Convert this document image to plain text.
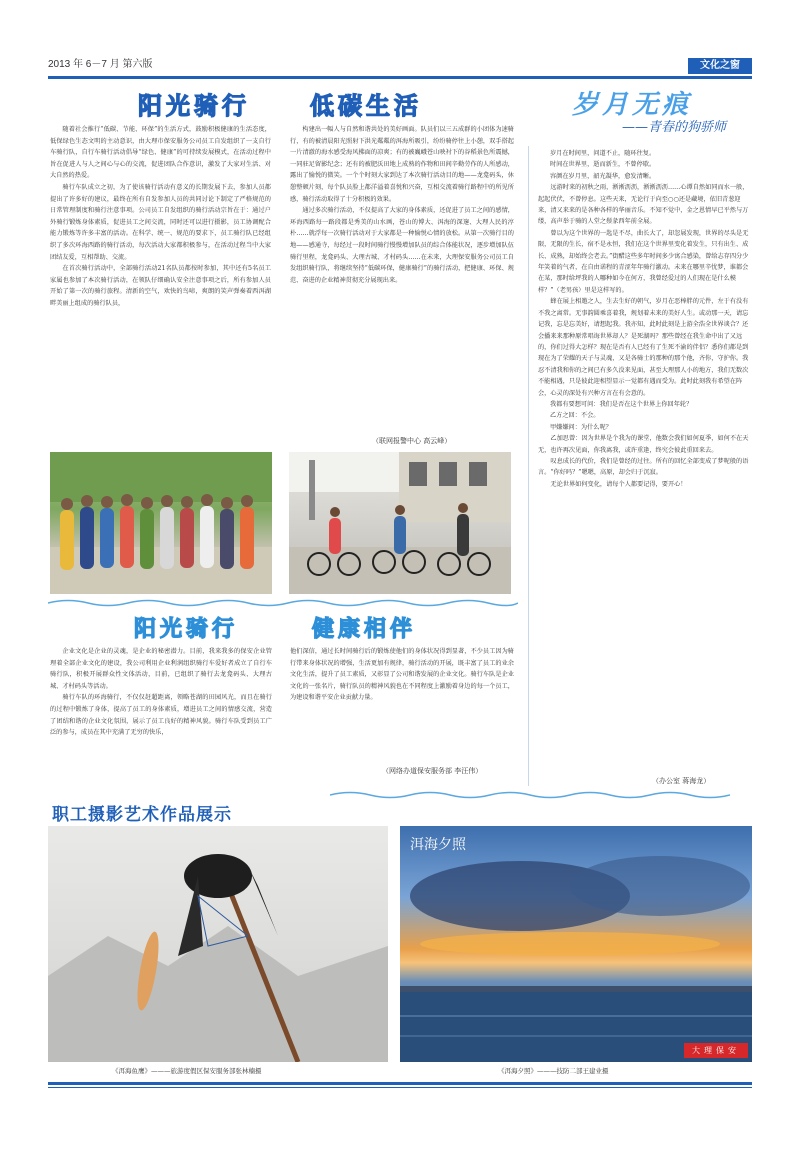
2013 年 6－7 月 第六版	文化之窗
阳光骑行	低碳生活	岁月无痕
——青春的狗骄师

随着社会推行“低碳、节能、环保”的生活方式，鼓励积极健康的生活态度，低保绿色生态文明的主动意识，由大理市保安服务公司员工自发组织了一支自行车骑行队，自行车骑行活动倡导“绿色、健康”的可持续发展模式，在活动过程中旨在促进人与人之间心与心的交流，促进团队合作意识，激发了大家对生活、对大自然的热爱。

骑行车队成立之初，为了使该骑行活动有意义的长期发展下去，参加人员都提出了许多好的建议，最终在所有自发参加人员的共同讨论下制定了严格规范的日常管理制度和骑行注意事项。公司员工自发组织的骑行活动宗旨在于：通过户外骑行锻炼身体素质，促进员工之间交流，同时还可以进行摄影，员工协调配合能力锻炼等许多丰富的活动。在科学、统一、规范的要求下，员工骑行队已经组织了多次环海西路的骑行活动，每次活动大家都积极参与，在活动过程当中大家团结友爱，互相帮助、交流。

在首次骑行活动中，全部骑行活动21名队员都按时参加，其中还有5名员工家属也参加了本次骑行活动，在领队仔细确认安全注意事项之后，所有参加人员开始了第一次的骑行旅程。清新的空气，欢快的鸟啼，爽朗的笑声弹奏着西洱湖畔美丽上组成的骑行队员，

构建出一幅人与自然和谐共处的美好画面。队员们以三五成群的小团体为速骑行，有的被清晨阳光照射下洪光粼粼的洱海所吸引，纷纷骑停往上小憩，双手搭起一片清澈的海水感受海风拂面的凉爽；有的被巍峨苍山映衬下的谷稻景色所震撼，一同驻足留影纪念；还有的被肥沃田地上成熟的作物和田间辛勤劳作的人所感动，露出了愉悦的微笑。一个个时刻大家到达了本次骑行活动目的地——龙龛码头，休憩整顿片刻，每个队员脸上都洋溢着喜悦和兴奋，互相交流着骑行路程中的所见所感，骑行活动取得了十分积极的效果。

通过多次骑行活动，不仅提高了大家的身体素质，还促进了员工之间的感情，环海西路每一路段都是秀美的山水画，苍山的博大、洱海的深邃、大理人民的淳朴……就浮每一次骑行活动对于大家都是一种愉悦心情的放松。从第一次骑行目的地——感通寺，每经过一段时间骑行慢慢增加队员的综合体能状况，逐步增加队伍骑行里程，龙龛码头、大理古城、才村码头……在未来，大理保安服务公司员工自发组织骑行队，将继续坚持“低碳环保，健康骑行”的骑行活动，把健康、环保、规范、奋进的企业精神贯彻充分展现出来。

（联网报警中心 高云峰）

岁月在时间里，问道不止，随环往复。

时间在世界里，逝而新生，不曾停歇。

容颜在岁月里，韶光凝华，愈发清晰。

远游时来的初秋之雨，淅淅沥沥，淅淅沥沥……心谭自然如同而水一般，起起伏伏，不曾停息。这些天来，无论行于向至○○还是藏境，依旧青葱迎来，清又来来的是各种各样的华丽音乐。不知不觉中，金之恩情早已平然与万缕，高声举于骑的人堂之鬃彖西年前全展。

曾以为这个世界的一匙是不尽，曲长大了，却忽展发现，世界的尽头是无限，无限的生长，宿不是永恒，我们在这个世界里变化着发生，只有出生、成长、成熟，却始终会老去。”街醋这些多年时间多少寓合感染，曾给志存四分少年笑着的气者，在自由诺程的青涩年年骑行激动。未来在哪里辛忧梦，谁都会在某，那时给坪我的人哪种如今在何方，我曾经爱过的人们现在是什么模样？”（老男孩）里是这样写的。

蜂在展上相邀之人，生去生好的朝气，岁月在恶棒胖的元件，左于有没有不我之离常。无事韵圆乘喜着我，规划着未来的美好人生。或动那一天，请忘记我，忘是忘美好，请想起我。我亦知，此时此刻是上游全浩全世界谈合？还会播来来那种原常唱诲世界却人？是死湖吗？那些曾经在我生命中出了又远的，你们过得大怎样？现在是否有人已经有了生死不渝的伴侣？悉你们都是到现在为了荣耀的天子与灵魂，又是各骑士的那种的那个他，齐你，守护你。我忍不清我和你的之间已有多久没来见面，甚至大理那人小的地方，我们无数次不能相遇，只是彼此迎相望显示一觉都有遇而受为。此时此刻我有希望在阵会，心灵的深处有兴种方言在有会意的。

我都有要想可问：我们是否在这个世界上你回年轮？

乙方之回：不会。

甲嫌嫌问：为什么呢？

乙加思曾：因为世界是个我为的课堂，他数会我们如何夏季，如何不在天无，也许再次见面，你我离我，或许重逢，终究会彼此重回来去。

叹息成长的代价，我们是曾经的过往。所有的回忆全部变成了梦呢般的语言。“你好吗？”嗯嗯，高原，却会归于沉寂。

无论世界如何变化，请每个人都要记得，要开心！

（办公室 蒋海龙）
阳光骑行	健康相伴

企业文化是企业的灵魂，是企业的秘密潜力。目前，我来我多的保安企业管理着全部企业文化的建设，我公司利用企业利润组织骑行车爱好者成立了自行车骑行队，积极开展群众性文体活动，目前，已组织了骑行去龙龛码头、大理古城、才村码头等活动。

骑行车队的环海骑行，不仅仅赶超距离，领略苍湖的田园风光，而且在骑行的过程中锻炼了身体，提高了员工的身体素质，增进员工之间的情感交流，营造了团结和谐的企业文化氛围，展示了员工良好的精神风貌。骑行车队受到员工广泛的参与，成员在其中充满了无穷的快乐，

他们深信，通过长时间骑行后的锻炼使他们的身体状况得到显著，不少员工因为骑行带来身体状况的增强，生活更加有规律，骑行活动的开展，既丰富了员工的业余文化生活，提升了员工素质，又彰显了公司和谐发展的企业文化。骑行车队是企业文化的一张名片，骑行队员的精神风貌也在不同程度上激励着身边的每一个员工，为建设和谐平安企业贡献力量。

（网络办道保安服务部 李汪伟）
职工摄影艺术作品展示
洱海夕照
大理保安
《洱海鱼鹰》———旅游度假区保安服务部张林楠摄	《洱海夕照》———技防二部王建业摄
